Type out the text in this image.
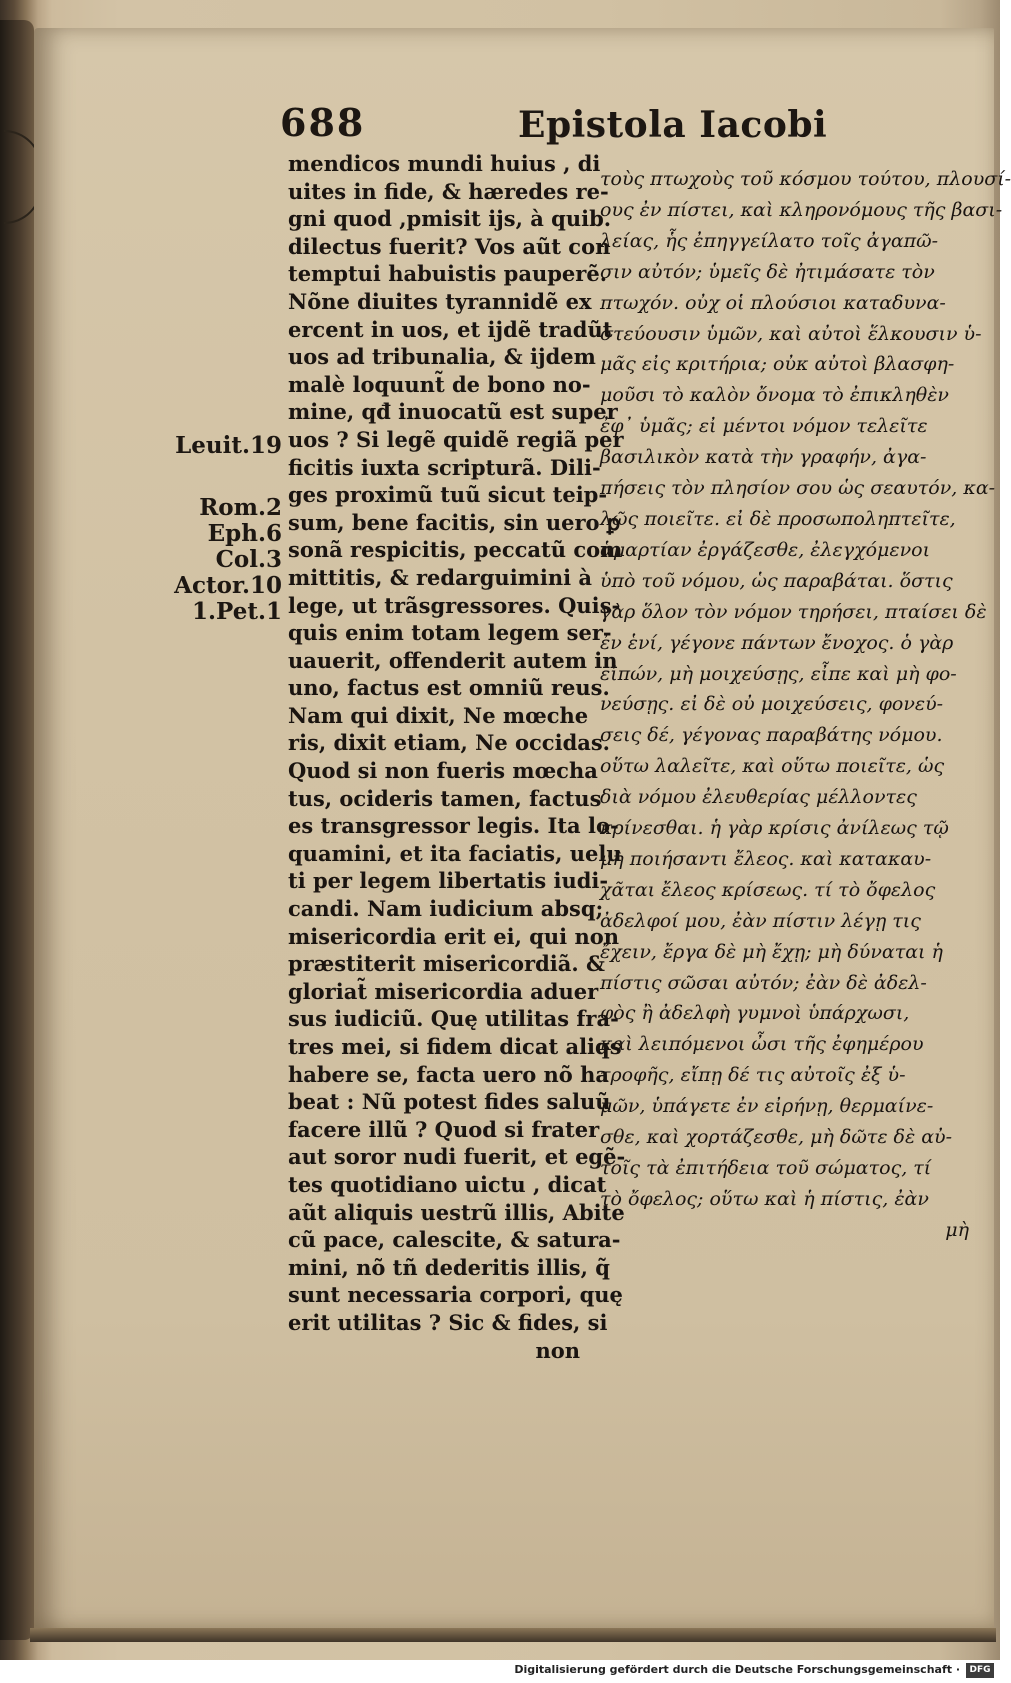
688	Epistola Iacobi
Leuit.19
Rom.2
Eph.6
Col.3
Actor.10
1.Pet.1
mendicos mundi huius , di
uites in fide, & hæredes re-
gni quod ,pmisit ijs, à quib.
dilectus fuerit? Vos aũt con
temptui habuistis pauperẽ.
Nõne diuites tyrannidẽ ex
ercent in uos, et ijdẽ tradũt
uos ad tribunalia, & ijdem
malè loquunt̃ de bono no-
mine, qđ inuocatũ est super
uos ? Si legẽ quidẽ regiã per
ficitis iuxta scripturã. Dili-
ges proximũ tuũ sicut teip-
sum, bene facitis, sin uero ꝑ
sonã respicitis, peccatũ com
mittitis, & redarguimini à
lege, ut trãsgressores. Quis-
quis enim totam legem ser-
uauerit, offenderit autem in
uno, factus est omniũ reus.
Nam qui dixit, Ne mœche
ris, dixit etiam, Ne occidas.
Quod si non fueris mœcha
tus, ocideris tamen, factus
es transgressor legis. Ita lo-
quamini, et ita faciatis, uelu
ti per legem libertatis iudi-
candi. Nam iudicium absq;
misericordia erit ei, qui non
præstiterit misericordiã. &
gloriat̃ misericordia aduer
sus iudiciũ. Quę utilitas fra-
tres mei, si fidem dicat aliqs
habere se, facta uero nõ ha
beat : Nũ potest fides saluũ
facere illũ ? Quod si frater
aut soror nudi fuerit, et egẽ-
tes quotidiano uictu , dicat
aũt aliquis uestrũ illis, Abite
cũ pace, calescite, & satura-
mini, nõ tñ dederitis illis, q̃
sunt necessaria corpori, quę
erit utilitas ? Sic & fides, si
non
τοὺς πτωχοὺς τοῦ κόσμου τούτου, πλουσί-
ους ἐν πίστει, καὶ κληρονόμους τῆς βασι-
λείας, ἧς ἐπηγγείλατο τοῖς ἀγαπῶ-
σιν αὐτόν; ὑμεῖς δὲ ἠτιμάσατε τὸν
πτωχόν. οὐχ οἱ πλούσιοι καταδυνα-
στεύουσιν ὑμῶν, καὶ αὐτοὶ ἕλκουσιν ὑ-
μᾶς εἰς κριτήρια; οὐκ αὐτοὶ βλασφη-
μοῦσι τὸ καλὸν ὄνομα τὸ ἐπικληθὲν
ἐφ᾽ ὑμᾶς; εἰ μέντοι νόμον τελεῖτε
βασιλικὸν κατὰ τὴν γραφήν, ἀγα-
πήσεις τὸν πλησίον σου ὡς σεαυτόν, κα-
λῶς ποιεῖτε. εἰ δὲ προσωποληπτεῖτε,
ἁμαρτίαν ἐργάζεσθε, ἐλεγχόμενοι
ὑπὸ τοῦ νόμου, ὡς παραβάται. ὅστις
γὰρ ὅλον τὸν νόμον τηρήσει, πταίσει δὲ
ἐν ἑνί, γέγονε πάντων ἔνοχος. ὁ γὰρ
εἰπών, μὴ μοιχεύσῃς, εἶπε καὶ μὴ φο-
νεύσῃς. εἰ δὲ οὐ μοιχεύσεις, φονεύ-
σεις δέ, γέγονας παραβάτης νόμου.
οὕτω λαλεῖτε, καὶ οὕτω ποιεῖτε, ὡς
διὰ νόμου ἐλευθερίας μέλλοντες
κρίνεσθαι. ἡ γὰρ κρίσις ἀνίλεως τῷ
μὴ ποιήσαντι ἔλεος. καὶ κατακαυ-
χᾶται ἔλεος κρίσεως. τί τὸ ὄφελος
ἀδελφοί μου, ἐὰν πίστιν λέγῃ τις
ἔχειν, ἔργα δὲ μὴ ἔχῃ; μὴ δύναται ἡ
πίστις σῶσαι αὐτόν; ἐὰν δὲ ἀδελ-
φὸς ἢ ἀδελφὴ γυμνοὶ ὑπάρχωσι,
καὶ λειπόμενοι ὦσι τῆς ἐφημέρου
τροφῆς, εἴπῃ δέ τις αὐτοῖς ἐξ ὑ-
μῶν, ὑπάγετε ἐν εἰρήνῃ, θερμαίνε-
σθε, καὶ χορτάζεσθε, μὴ δῶτε δὲ αὐ-
τοῖς τὰ ἐπιτήδεια τοῦ σώματος, τί
τὸ ὄφελος; οὕτω καὶ ἡ πίστις, ἐὰν
μὴ
Digitalisierung gefördert durch die Deutsche Forschungsgemeinschaft ·	DFG
